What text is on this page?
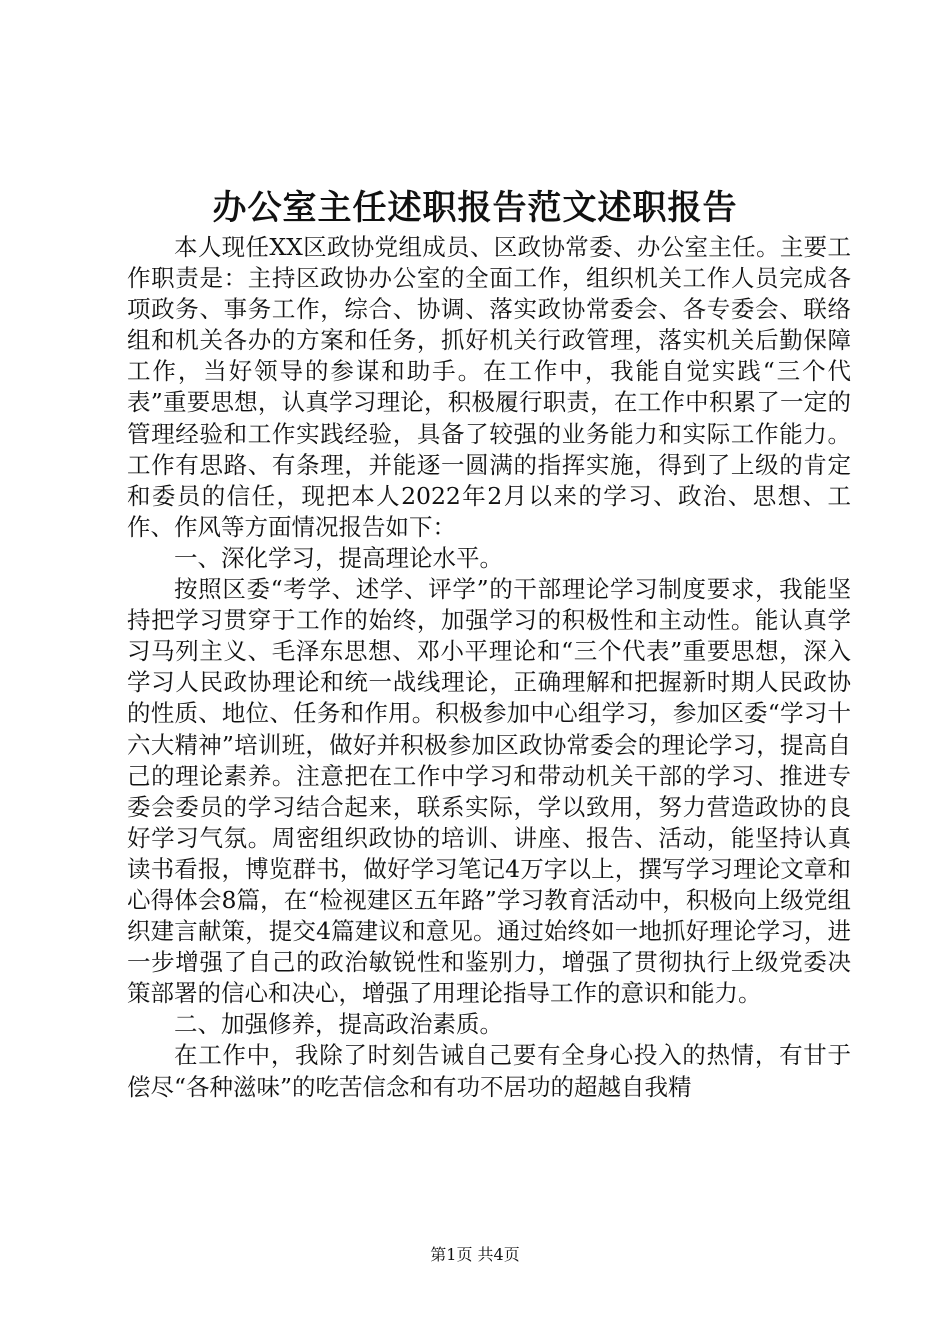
办公室主任述职报告范文述职报告

本人现任XX区政协党组成员、区政协常委、办公室主任。主要工作职责是：主持区政协办公室的全面工作，组织机关工作人员完成各项政务、事务工作，综合、协调、落实政协常委会、各专委会、联络组和机关各办的方案和任务，抓好机关行政管理，落实机关后勤保障工作，当好领导的参谋和助手。在工作中，我能自觉实践“三个代表”重要思想，认真学习理论，积极履行职责，在工作中积累了一定的管理经验和工作实践经验，具备了较强的业务能力和实际工作能力。工作有思路、有条理，并能逐一圆满的指挥实施，得到了上级的肯定和委员的信任，现把本人2022年2月以来的学习、政治、思想、工作、作风等方面情况报告如下：

一、深化学习，提高理论水平。

按照区委“考学、述学、评学”的干部理论学习制度要求，我能坚持把学习贯穿于工作的始终，加强学习的积极性和主动性。能认真学习马列主义、毛泽东思想、邓小平理论和“三个代表”重要思想，深入学习人民政协理论和统一战线理论，正确理解和把握新时期人民政协的性质、地位、任务和作用。积极参加中心组学习，参加区委“学习十六大精神”培训班，做好并积极参加区政协常委会的理论学习，提高自己的理论素养。注意把在工作中学习和带动机关干部的学习、推进专委会委员的学习结合起来，联系实际，学以致用，努力营造政协的良好学习气氛。周密组织政协的培训、讲座、报告、活动，能坚持认真读书看报，博览群书，做好学习笔记4万字以上，撰写学习理论文章和心得体会8篇，在“检视建区五年路”学习教育活动中，积极向上级党组织建言献策，提交4篇建议和意见。通过始终如一地抓好理论学习，进一步增强了自己的政治敏锐性和鉴别力，增强了贯彻执行上级党委决策部署的信心和决心，增强了用理论指导工作的意识和能力。

二、加强修养，提高政治素质。

在工作中，我除了时刻告诫自己要有全身心投入的热情，有甘于偿尽“各种滋味”的吃苦信念和有功不居功的超越自我精

第1页 共4页
